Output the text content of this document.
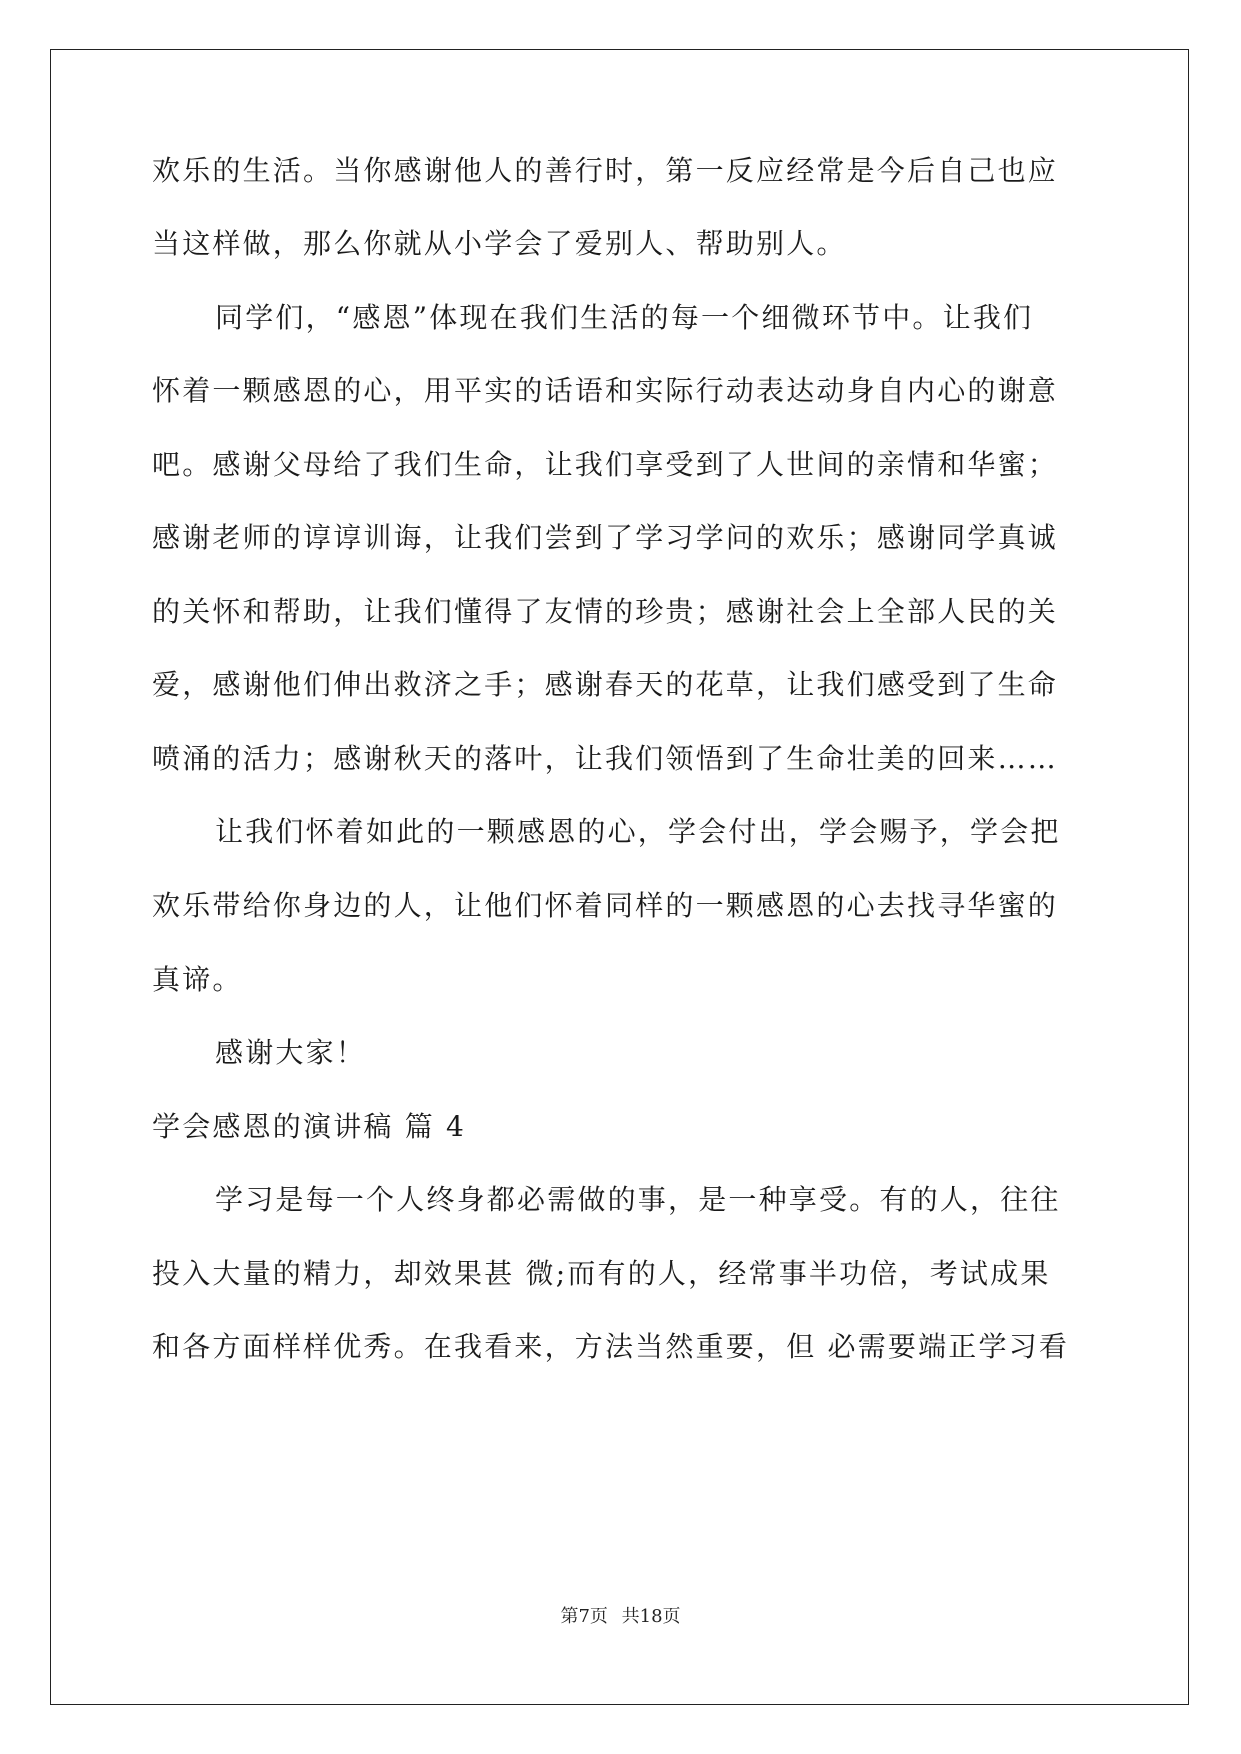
欢乐的生活。当你感谢他人的善行时，第一反应经常是今后自己也应
当这样做，那么你就从小学会了爱别人、帮助别人。
同学们，“感恩”体现在我们生活的每一个细微环节中。让我们
怀着一颗感恩的心，用平实的话语和实际行动表达动身自内心的谢意
吧。感谢父母给了我们生命，让我们享受到了人世间的亲情和华蜜；
感谢老师的谆谆训诲，让我们尝到了学习学问的欢乐；感谢同学真诚
的关怀和帮助，让我们懂得了友情的珍贵；感谢社会上全部人民的关
爱，感谢他们伸出救济之手；感谢春天的花草，让我们感受到了生命
喷涌的活力；感谢秋天的落叶，让我们领悟到了生命壮美的回来……
让我们怀着如此的一颗感恩的心，学会付出，学会赐予，学会把
欢乐带给你身边的人，让他们怀着同样的一颗感恩的心去找寻华蜜的
真谛。
感谢大家！
学会感恩的演讲稿 篇 4
学习是每一个人终身都必需做的事，是一种享受。有的人，往往
投入大量的精力，却效果甚 微;而有的人，经常事半功倍，考试成果
和各方面样样优秀。在我看来，方法当然重要，但 必需要端正学习看
第7页 共18页
